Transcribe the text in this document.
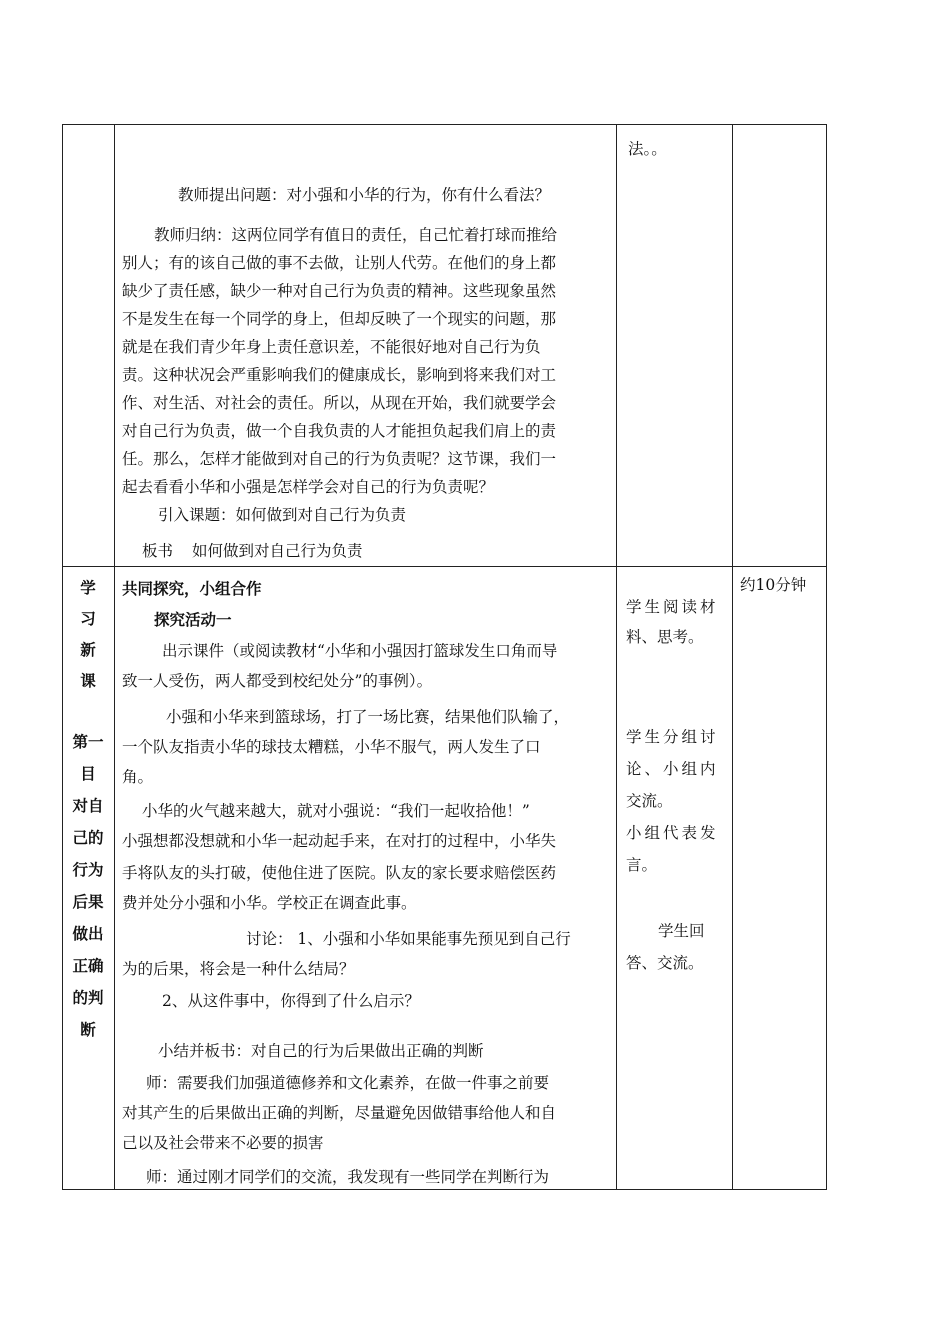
法。。
教师提出问题：对小强和小华的行为，你有什么看法？
教师归纳：这两位同学有值日的责任，自己忙着打球而推给
别人；有的该自己做的事不去做，让别人代劳。在他们的身上都
缺少了责任感，缺少一种对自己行为负责的精神。这些现象虽然
不是发生在每一个同学的身上，但却反映了一个现实的问题，那
就是在我们青少年身上责任意识差，不能很好地对自己行为负
责。这种状况会严重影响我们的健康成长，影响到将来我们对工
作、对生活、对社会的责任。所以，从现在开始，我们就要学会
对自己行为负责，做一个自我负责的人才能担负起我们肩上的责
任。那么，怎样才能做到对自己的行为负责呢？这节课，我们一
起去看看小华和小强是怎样学会对自己的行为负责呢？
引入课题：如何做到对自己行为负责
板书 如何做到对自己行为负责
学
习
新
课
第一
目
对自
己的
行为
后果
做出
正确
的判
断
共同探究，小组合作
探究活动一
出示课件（或阅读教材“小华和小强因打篮球发生口角而导
致一人受伤，两人都受到校纪处分”的事例）。
小强和小华来到篮球场，打了一场比赛，结果他们队输了，
一个队友指责小华的球技太糟糕，小华不服气，两人发生了口
角。
小华的火气越来越大，就对小强说：“我们一起收拾他！”
小强想都没想就和小华一起动起手来，在对打的过程中，小华失
手将队友的头打破，使他住进了医院。队友的家长要求赔偿医药
费并处分小强和小华。学校正在调查此事。
讨论： 1、小强和小华如果能事先预见到自己行
为的后果，将会是一种什么结局？
2、从这件事中，你得到了什么启示？
小结并板书：对自己的行为后果做出正确的判断
师：需要我们加强道德修养和文化素养，在做一件事之前要
对其产生的后果做出正确的判断，尽量避免因做错事给他人和自
己以及社会带来不必要的损害
师：通过刚才同学们的交流，我发现有一些同学在判断行为
学生阅读材
料、思考。
学生分组讨
论、小组内
交流。
小组代表发
言。
学生回
答、交流。
约10分钟
